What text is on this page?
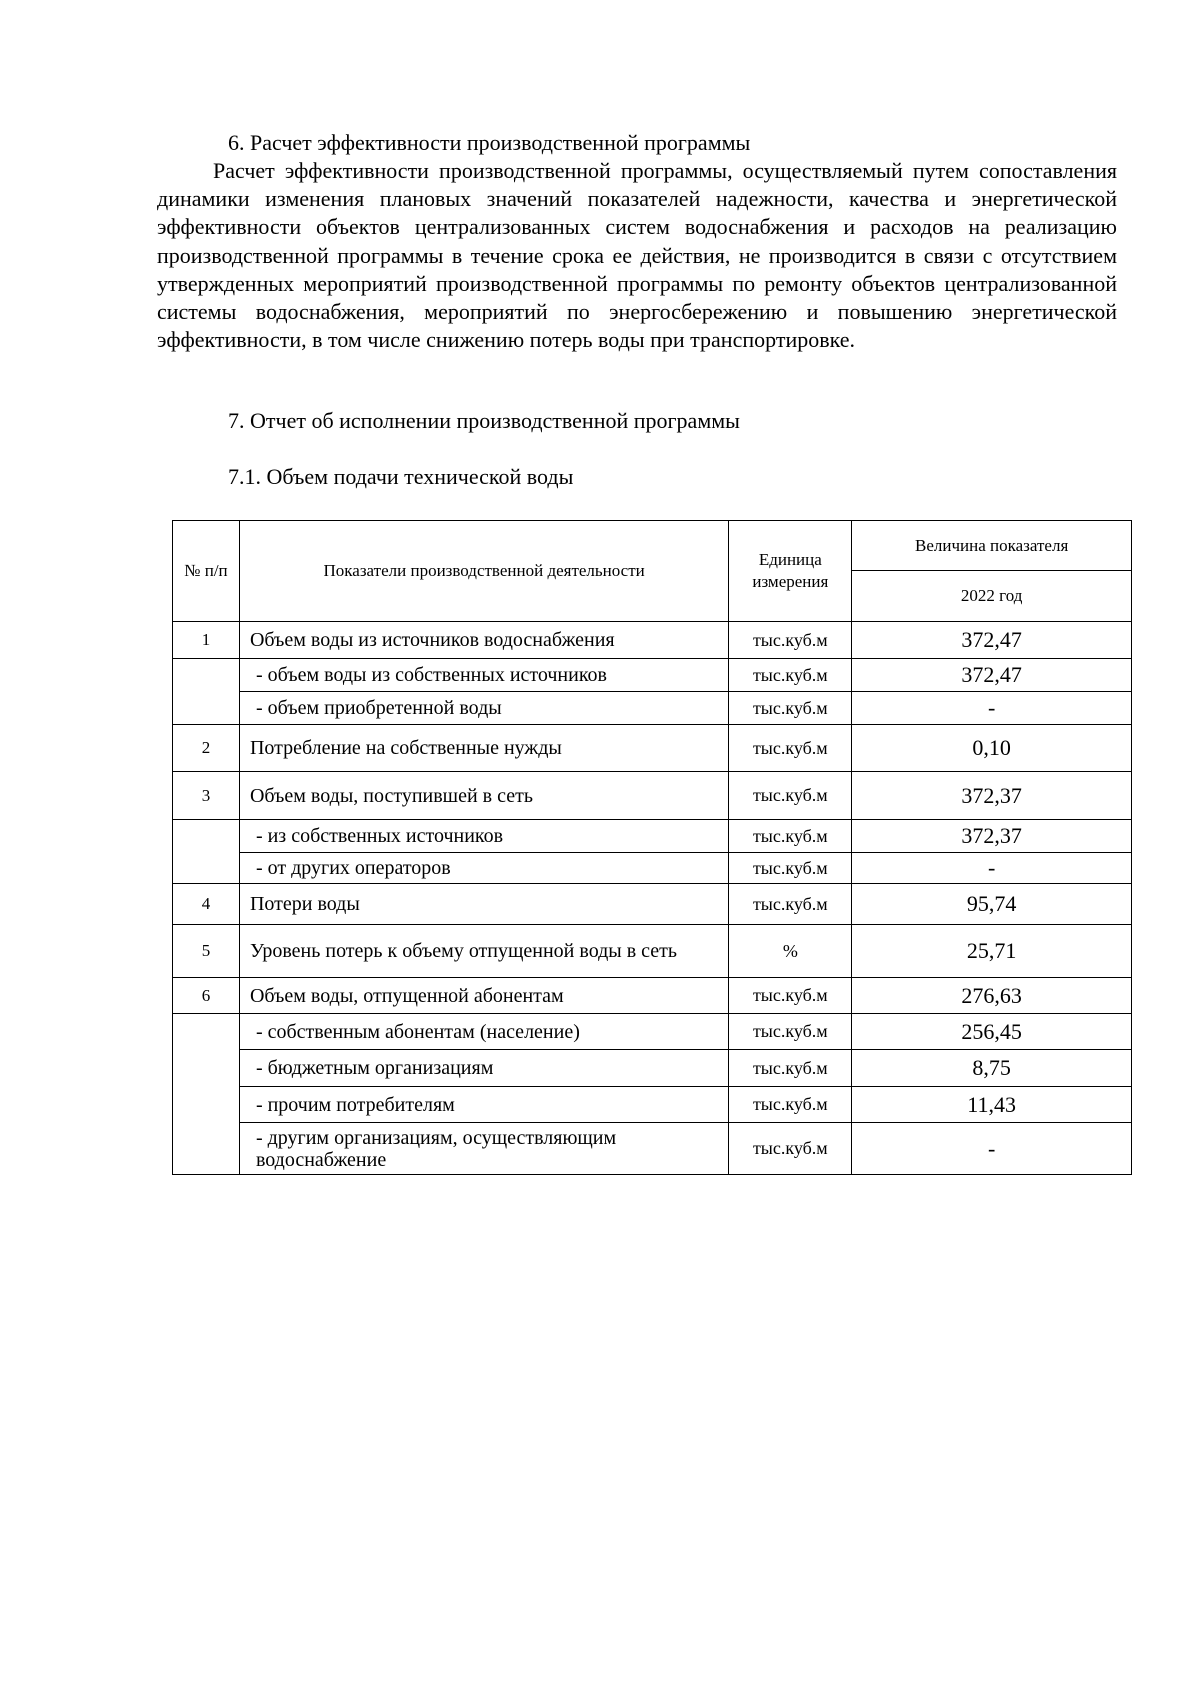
6. Расчет эффективности производственной программы

Расчет эффективности производственной программы, осуществляемый путем сопоставления динамики изменения плановых значений показателей надежности, качества и энергетической эффективности объектов централизованных систем водоснабжения и расходов на реализацию производственной программы в течение срока ее действия, не производится в связи с отсутствием утвержденных мероприятий производственной программы по ремонту объектов централизованной системы водоснабжения, мероприятий по энергосбережению и повышению энергетической эффективности, в том числе снижению потерь воды при транспортировке.

7. Отчет об исполнении производственной программы
7.1. Объем подачи технической воды
№ п/п	Показатели производственной деятельности	Единица измерения	Величина показателя
			2022 год
1	Объем воды из источников водоснабжения	тыс.куб.м	372,47
	- объем воды из собственных источников	тыс.куб.м	372,47
	- объем приобретенной воды	тыс.куб.м	-
2	Потребление на собственные нужды	тыс.куб.м	0,10
3	Объем воды, поступившей в сеть	тыс.куб.м	372,37
	- из собственных источников	тыс.куб.м	372,37
	- от других операторов	тыс.куб.м	-
4	Потери воды	тыс.куб.м	95,74
5	Уровень потерь к объему отпущенной воды в сеть	%	25,71
6	Объем воды, отпущенной абонентам	тыс.куб.м	276,63
	- собственным абонентам (население)	тыс.куб.м	256,45
	- бюджетным организациям	тыс.куб.м	8,75
	- прочим потребителям	тыс.куб.м	11,43
	- другим организациям, осуществляющим водоснабжение	тыс.куб.м	-
